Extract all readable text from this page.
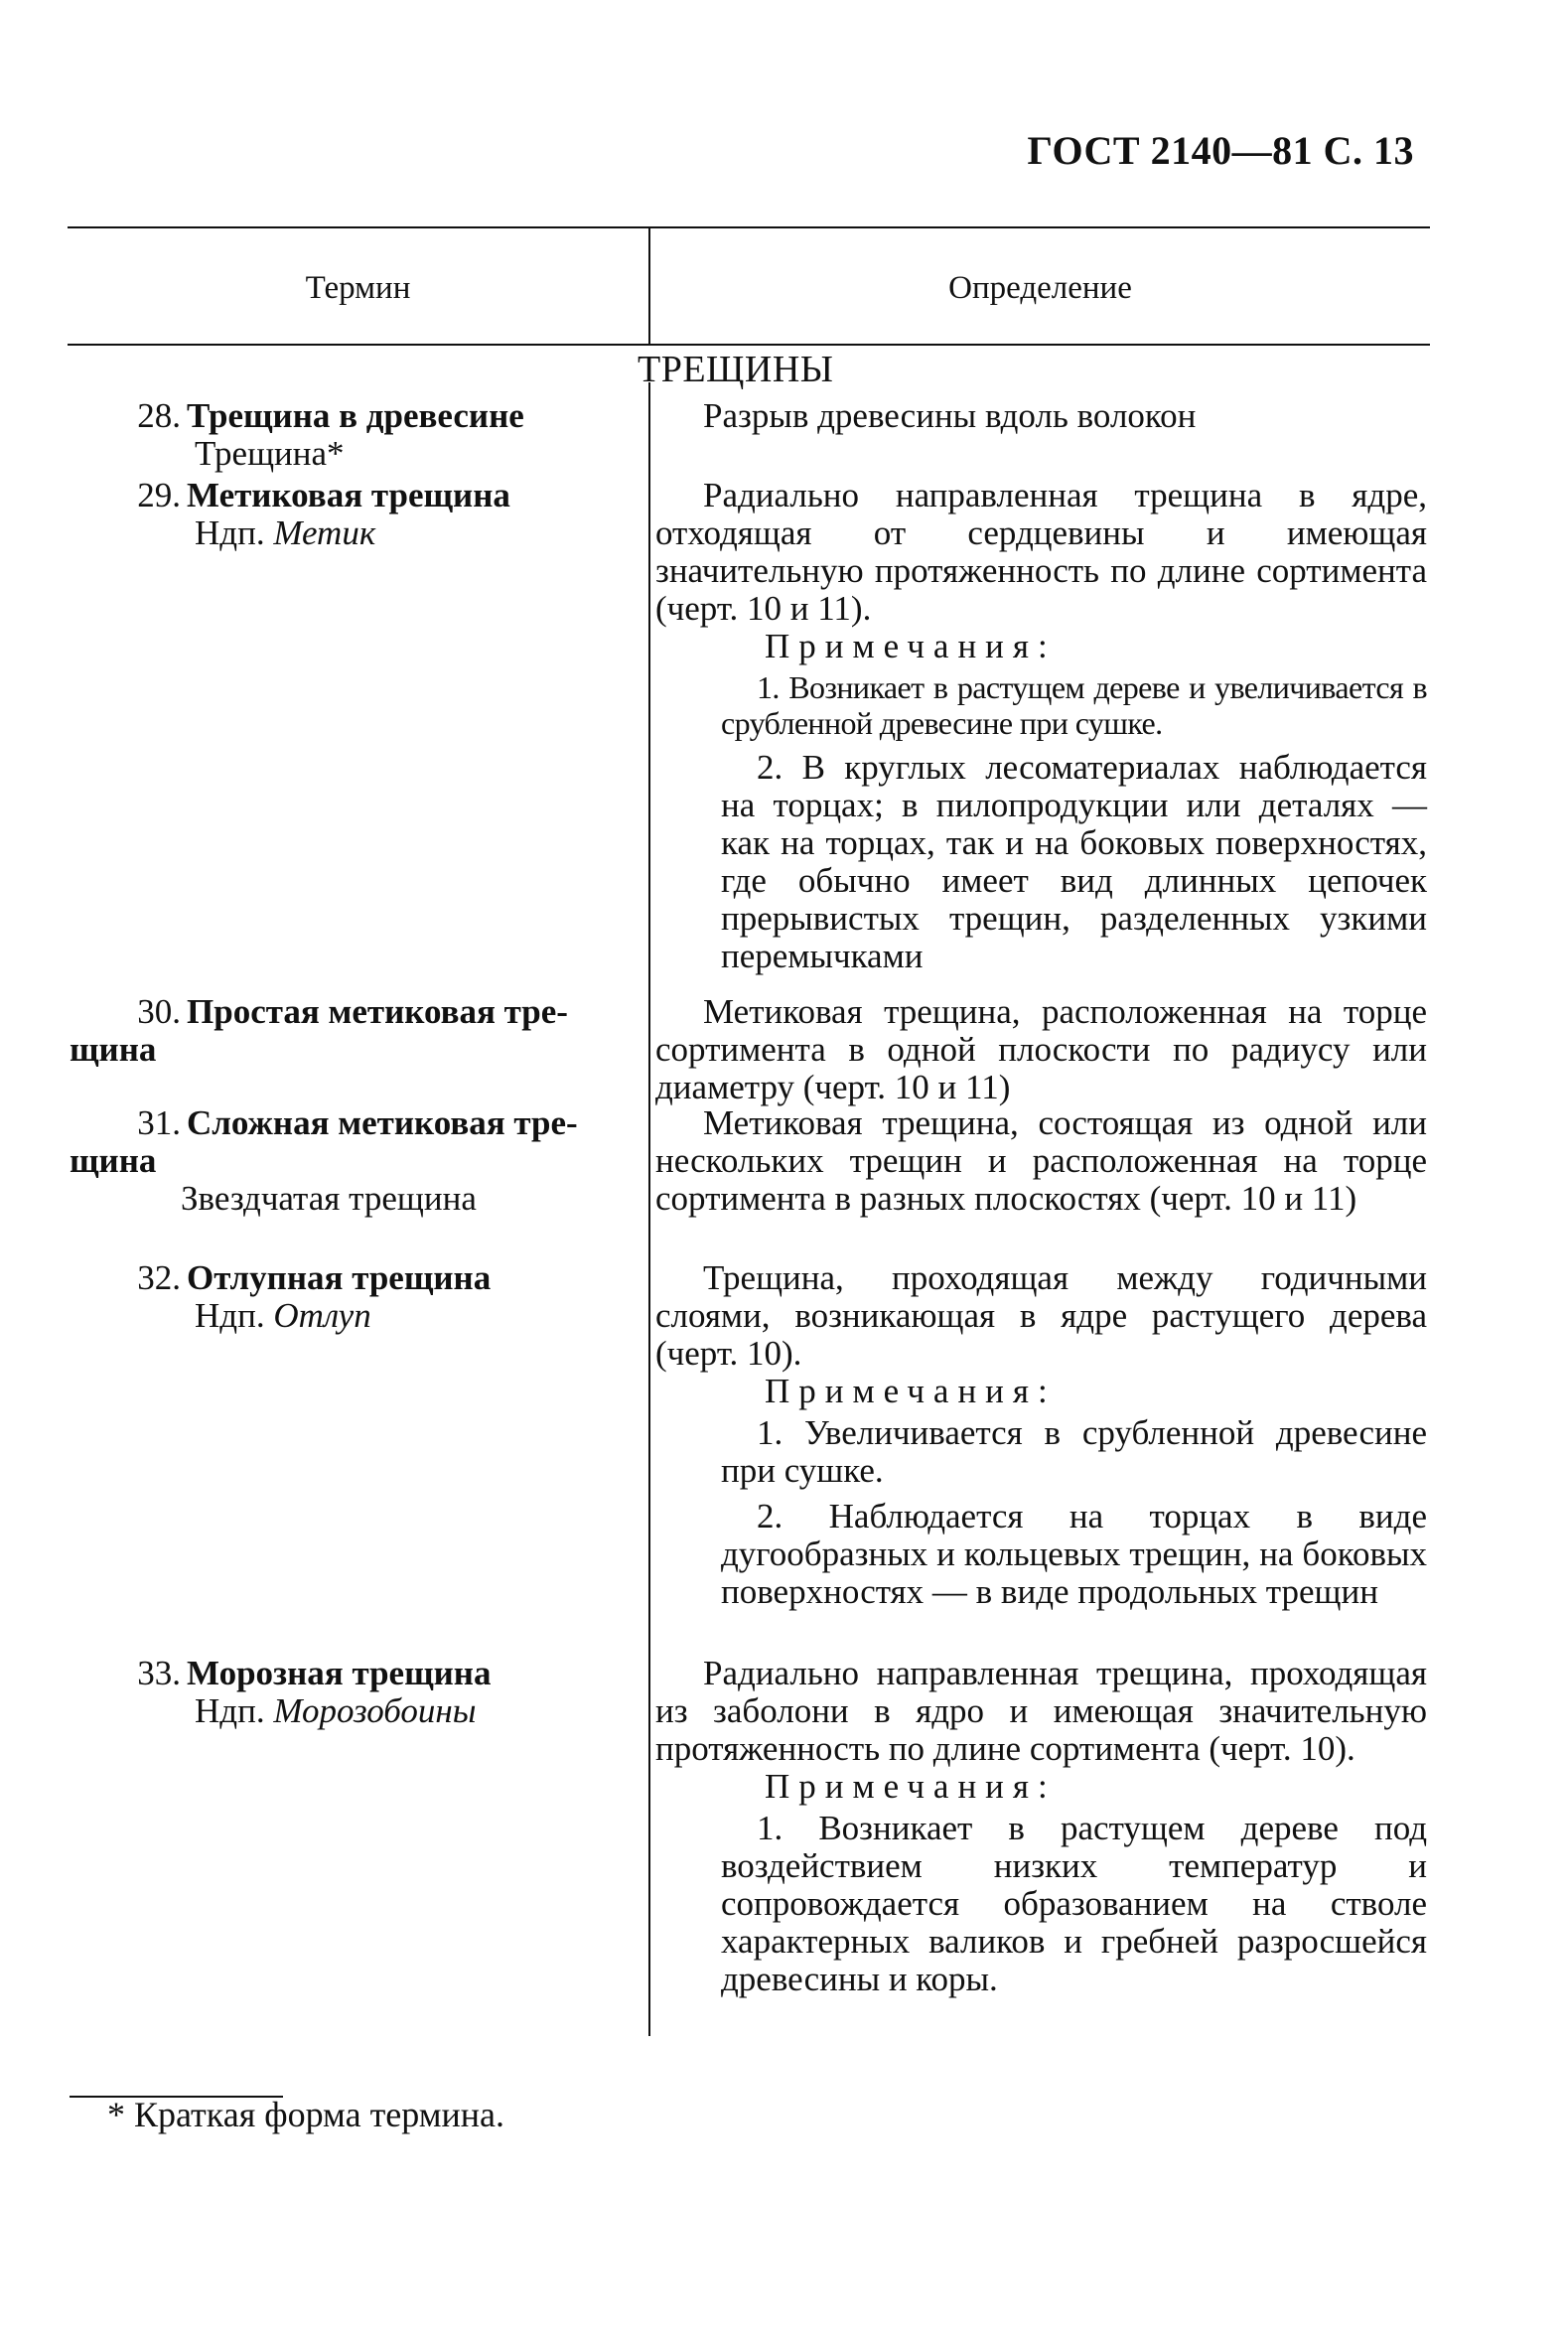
ГОСТ 2140—81 С. 13
Термин	Определение
ТРЕЩИНЫ
28. Трещина в древесине
Трещина*
Разрыв древесины вдоль волокон
29. Метиковая трещина
Ндп. Метик
Радиально направленная трещина в ядре, отходящая от сердцевины и имеющая значительную протяженность по длине сортимента (черт. 10 и 11).
Примечания:
1. Возникает в растущем дереве и увеличивается в срубленной древесине при сушке.
2. В круглых лесоматериалах наблюдается на торцах; в пилопродукции или деталях — как на торцах, так и на боковых поверхностях, где обычно имеет вид длинных цепочек прерывистых трещин, разделенных узкими перемычками
30. Простая метиковая тре-
щина
Метиковая трещина, расположенная на торце сортимента в одной плоскости по радиусу или диаметру (черт. 10 и 11)
31. Сложная метиковая тре-
щина
Звездчатая трещина
Метиковая трещина, состоящая из одной или нескольких трещин и расположенная на торце сортимента в разных плоскостях (черт. 10 и 11)
32. Отлупная трещина
Ндп. Отлуп
Трещина, проходящая между годичными слоями, возникающая в ядре растущего дерева (черт. 10).
Примечания:
1. Увеличивается в срубленной древесине при сушке.
2. Наблюдается на торцах в виде дугообразных и кольцевых трещин, на боковых поверхностях — в виде продольных трещин
33. Морозная трещина
Ндп. Морозобоины
Радиально направленная трещина, проходящая из заболони в ядро и имеющая значительную протяженность по длине сортимента (черт. 10).
Примечания:
1. Возникает в растущем дереве под воздействием низких температур и сопровождается образованием на стволе характерных валиков и гребней разросшейся древесины и коры.
* Краткая форма термина.
